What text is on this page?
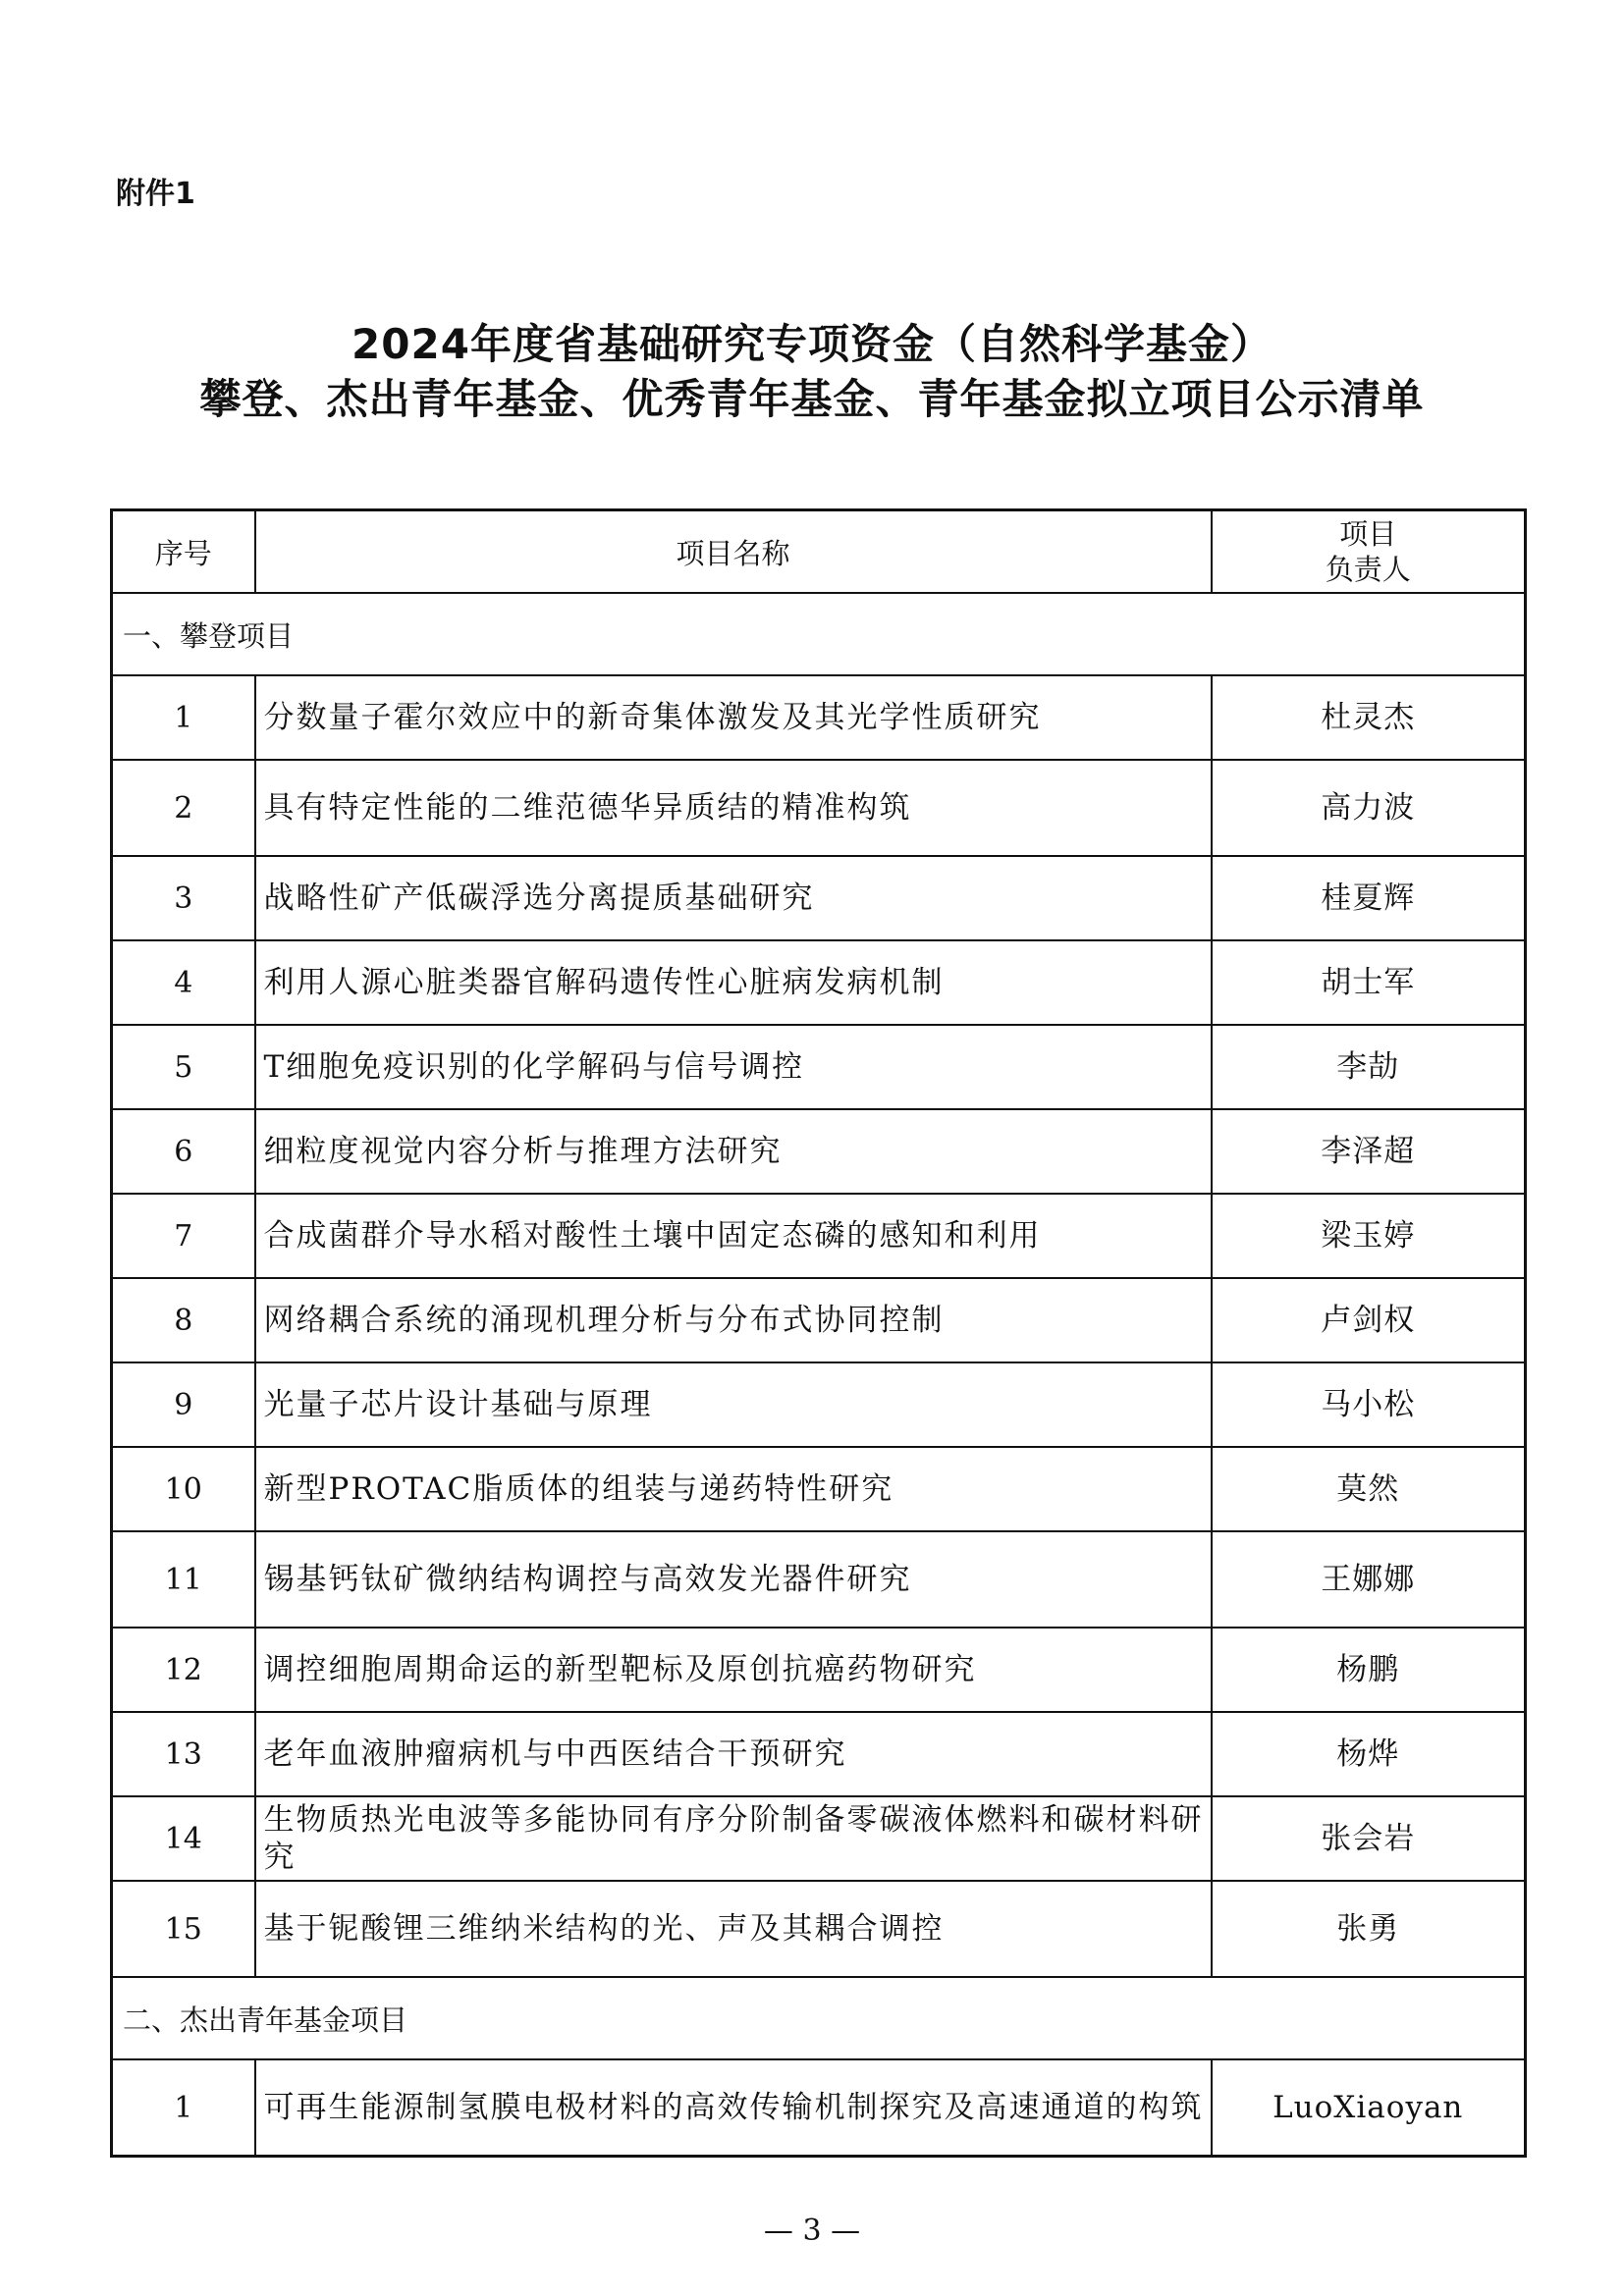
附件1
2024年度省基础研究专项资金（自然科学基金）
攀登、杰出青年基金、优秀青年基金、青年基金拟立项目公示清单
序号	项目名称	项目
负责人
一、攀登项目		
1	分数量子霍尔效应中的新奇集体激发及其光学性质研究	杜灵杰
2	具有特定性能的二维范德华异质结的精准构筑	高力波
3	战略性矿产低碳浮选分离提质基础研究	桂夏辉
4	利用人源心脏类器官解码遗传性心脏病发病机制	胡士军
5	T细胞免疫识别的化学解码与信号调控	李劼
6	细粒度视觉内容分析与推理方法研究	李泽超
7	合成菌群介导水稻对酸性土壤中固定态磷的感知和利用	梁玉婷
8	网络耦合系统的涌现机理分析与分布式协同控制	卢剑权
9	光量子芯片设计基础与原理	马小松
10	新型PROTAC脂质体的组装与递药特性研究	莫然
11	锡基钙钛矿微纳结构调控与高效发光器件研究	王娜娜
12	调控细胞周期命运的新型靶标及原创抗癌药物研究	杨鹏
13	老年血液肿瘤病机与中西医结合干预研究	杨烨
14	生物质热光电波等多能协同有序分阶制备零碳液体燃料和碳材料研究	张会岩
15	基于铌酸锂三维纳米结构的光、声及其耦合调控	张勇
二、杰出青年基金项目		
1	可再生能源制氢膜电极材料的高效传输机制探究及高速通道的构筑	LuoXiaoyan
— 3 —
